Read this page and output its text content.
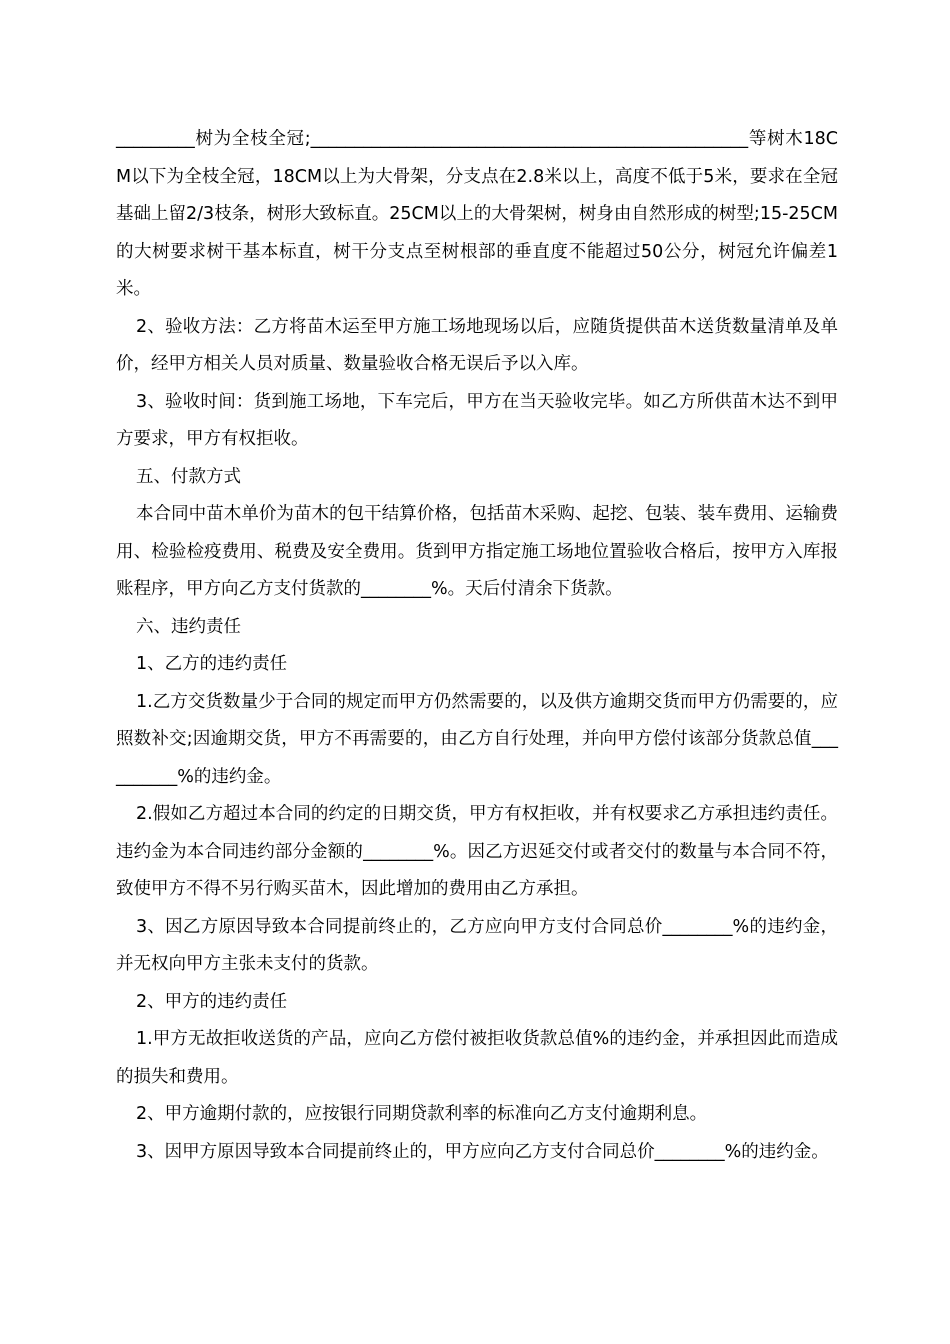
_________树为全枝全冠;__________________________________________________等树木18CM以下为全枝全冠，18CM以上为大骨架，分支点在2.8米以上，高度不低于5米，要求在全冠基础上留2/3枝条，树形大致标直。25CM以上的大骨架树，树身由自然形成的树型;15-25CM的大树要求树干基本标直，树干分支点至树根部的垂直度不能超过50公分，树冠允许偏差1米。

2、验收方法：乙方将苗木运至甲方施工场地现场以后，应随货提供苗木送货数量清单及单价，经甲方相关人员对质量、数量验收合格无误后予以入库。

3、验收时间：货到施工场地，下车完后，甲方在当天验收完毕。如乙方所供苗木达不到甲方要求，甲方有权拒收。

五、付款方式

本合同中苗木单价为苗木的包干结算价格，包括苗木采购、起挖、包装、装车费用、运输费用、检验检疫费用、税费及安全费用。货到甲方指定施工场地位置验收合格后，按甲方入库报账程序，甲方向乙方支付货款的________%。天后付清余下货款。

六、违约责任

1、乙方的违约责任

1.乙方交货数量少于合同的规定而甲方仍然需要的，以及供方逾期交货而甲方仍需要的，应照数补交;因逾期交货，甲方不再需要的，由乙方自行处理，并向甲方偿付该部分货款总值__________%的违约金。

2.假如乙方超过本合同的约定的日期交货，甲方有权拒收，并有权要求乙方承担违约责任。违约金为本合同违约部分金额的________%。因乙方迟延交付或者交付的数量与本合同不符，致使甲方不得不另行购买苗木，因此增加的费用由乙方承担。

3、因乙方原因导致本合同提前终止的，乙方应向甲方支付合同总价________%的违约金，并无权向甲方主张未支付的货款。

2、甲方的违约责任

1.甲方无故拒收送货的产品，应向乙方偿付被拒收货款总值%的违约金，并承担因此而造成的损失和费用。

2、甲方逾期付款的，应按银行同期贷款利率的标准向乙方支付逾期利息。

3、因甲方原因导致本合同提前终止的，甲方应向乙方支付合同总价________%的违约金。
